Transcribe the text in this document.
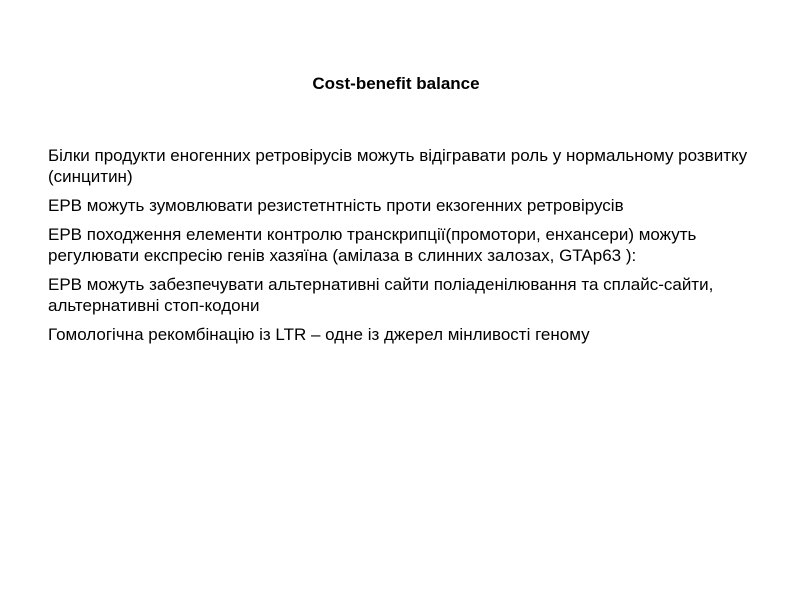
Cost-benefit balance

Білки продукти еногенних ретровірусів можуть відігравати роль у нормальному розвитку (синцитин)

ЕРВ можуть зумовлювати резистетнтність проти екзогенних ретровірусів

ЕРВ походження елементи контролю транскрипції(промотори, енхансери) можуть регулювати експресію генів хазяїна (амілаза в слинних залозах, GTAp63 ):

ЕРВ можуть забезпечувати альтернативні сайти поліаденілювання та сплайс-сайти, альтернативні стоп-кодони

Гомологічна рекомбінацію із LTR – одне із джерел мінливості геному
